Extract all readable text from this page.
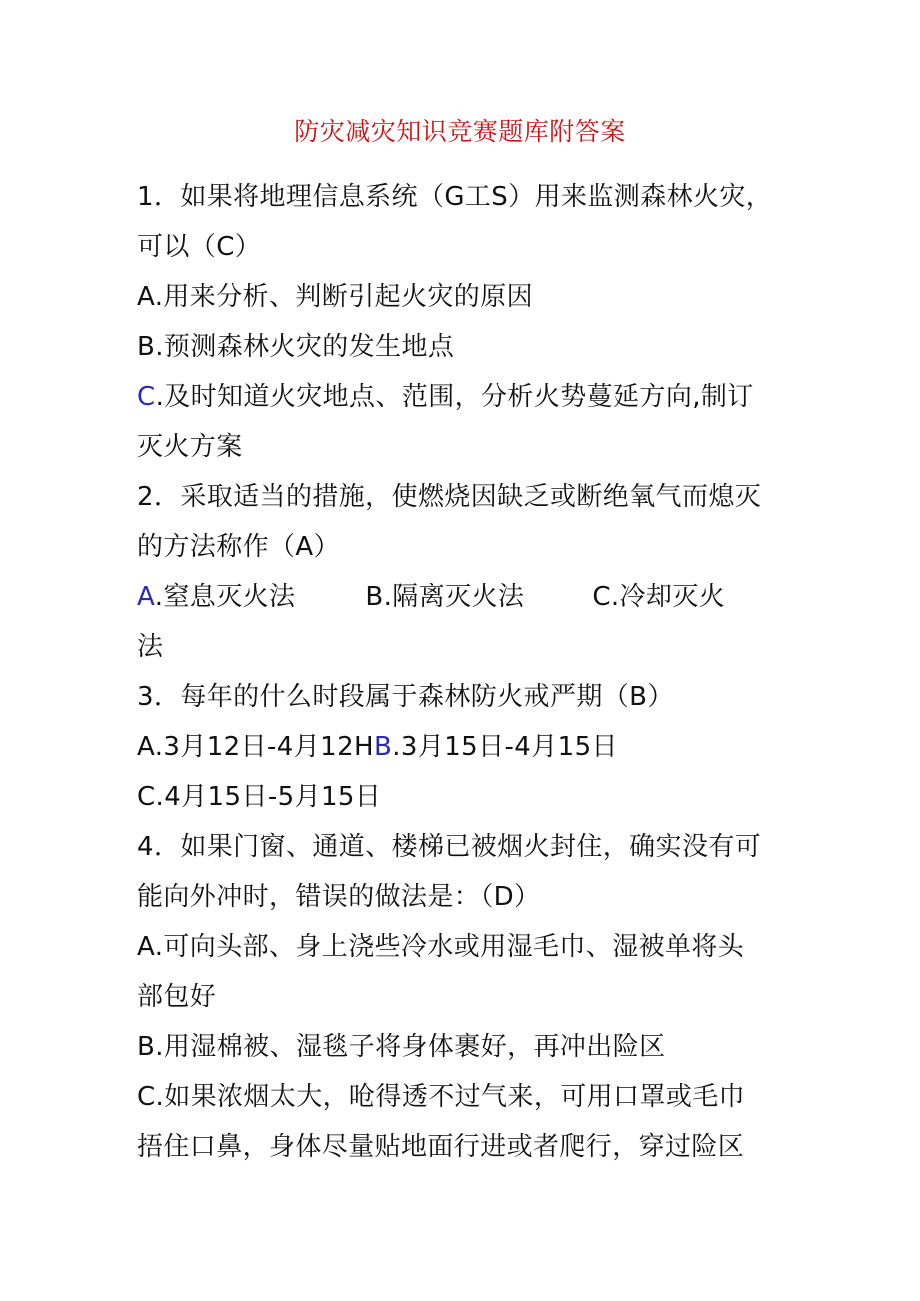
防灾减灾知识竞赛题库附答案
1．如果将地理信息系统（G工S）用来监测森林火灾，
可以（C）
A.用来分析、判断引起火灾的原因
B.预测森林火灾的发生地点
C.及时知道火灾地点、范围，分析火势蔓延方向,制订
灭火方案
2．采取适当的措施，使燃烧因缺乏或断绝氧气而熄灭
的方法称作（A）
A.窒息灭火法	B.隔离灭火法	C.冷却灭火
法
3．每年的什么时段属于森林防火戒严期（B）
A.3月12日-4月12HB.3月15日-4月15日
C.4月15日-5月15日
4．如果门窗、通道、楼梯已被烟火封住，确实没有可
能向外冲时，错误的做法是：（D）
A.可向头部、身上浇些冷水或用湿毛巾、湿被单将头
部包好
B.用湿棉被、湿毯子将身体裹好，再冲出险区
C.如果浓烟太大，呛得透不过气来，可用口罩或毛巾
捂住口鼻，身体尽量贴地面行进或者爬行，穿过险区
